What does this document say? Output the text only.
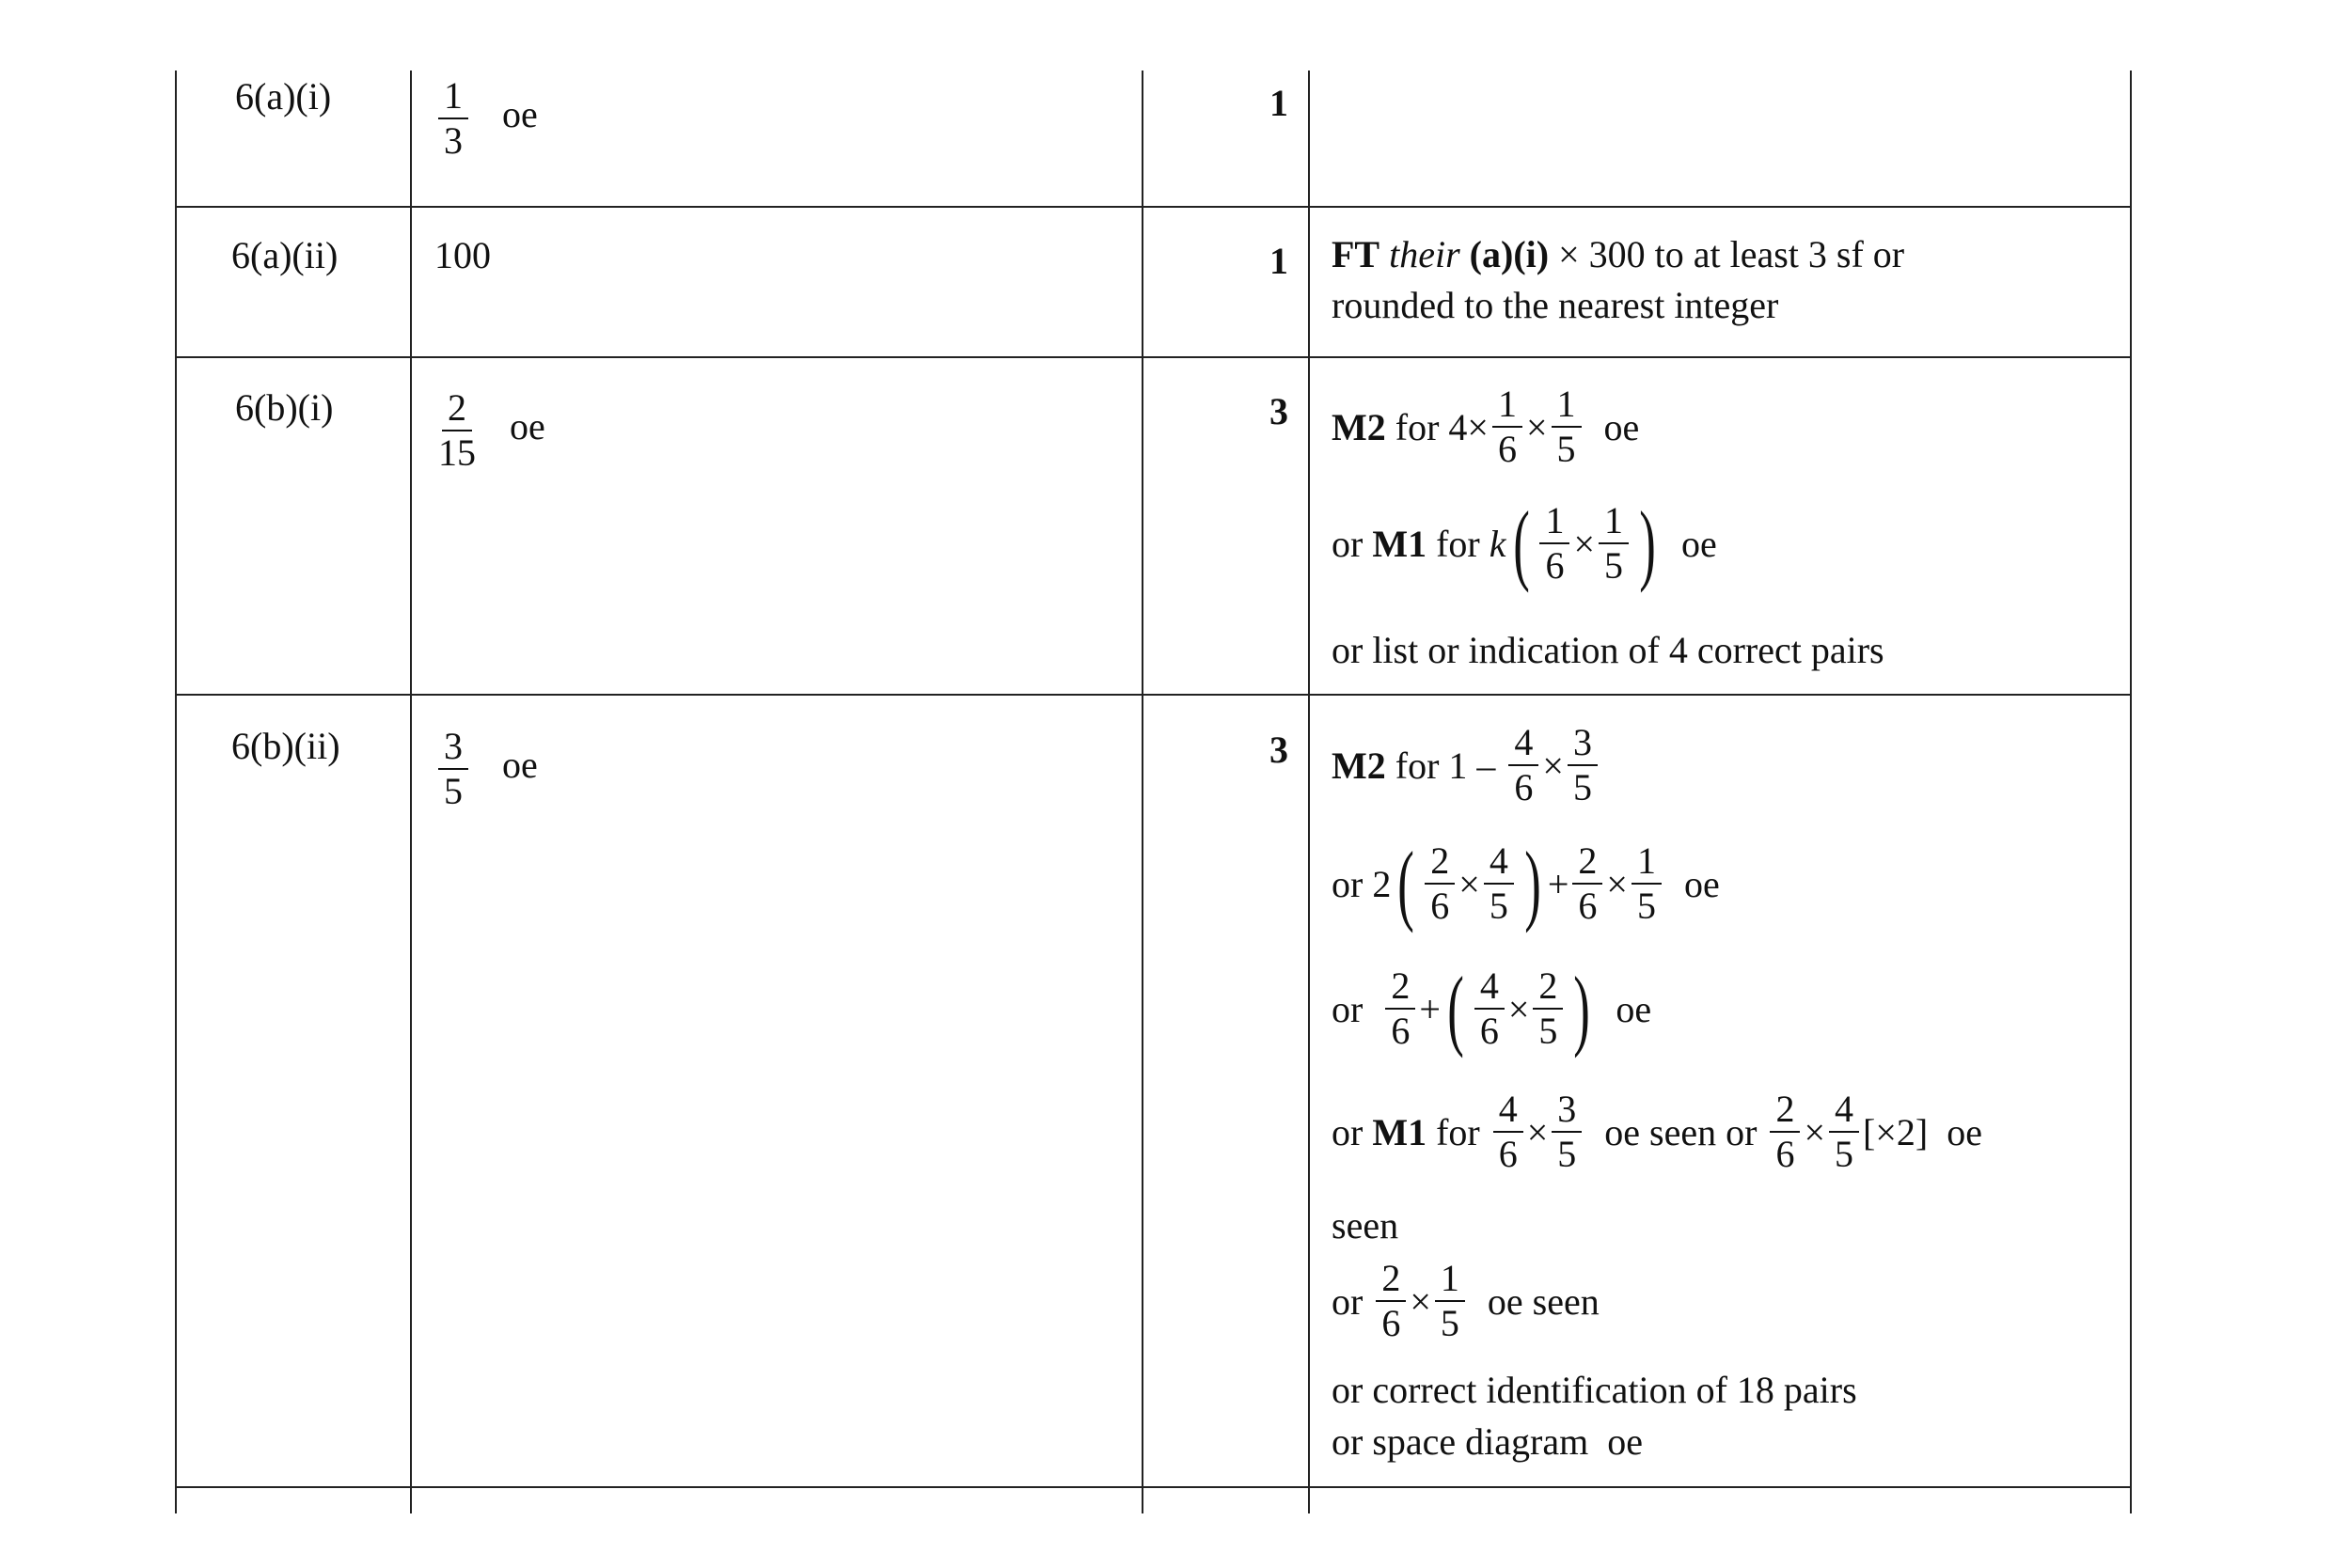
6(a)(i)	$\frac{1}{3}$ oe	1
6(a)(ii)	100	1 FT their (a)(i) × 300 to at least 3 sf or
rounded to the nearest integer
6(b)(i)	$\frac{2}{15}$ oe	3 M2
for $4\times \frac{1}{6} \times \frac{1}{5}$ oe
or
M1
for
k ( $\frac{1}{6} \times \frac{1}{5}$ ) oe
or list or indication of 4 correct pairs
6(b)(ii)	$\frac{3}{5}$ oe	3 M2
for $1 - \frac{4}{6} \times \frac{3}{5}$
or 2 ( $\frac{2}{6} \times \frac{4}{5}$ ) + $\frac{2}{6} \times \frac{1}{5}$ oe
or

2
6
+ ( $\frac{4}{6} \times \frac{2}{5}$ ) oe
or
M1
for
$\frac{4}{6} \times \frac{3}{5}$ oe seen or
$\frac{2}{6} \times \frac{4}{5} [\times 2]$ oe
seen
or
$\frac{2}{6} \times \frac{1}{5}$ oe seen
or correct identification of 18 pairs
or space diagram oe
